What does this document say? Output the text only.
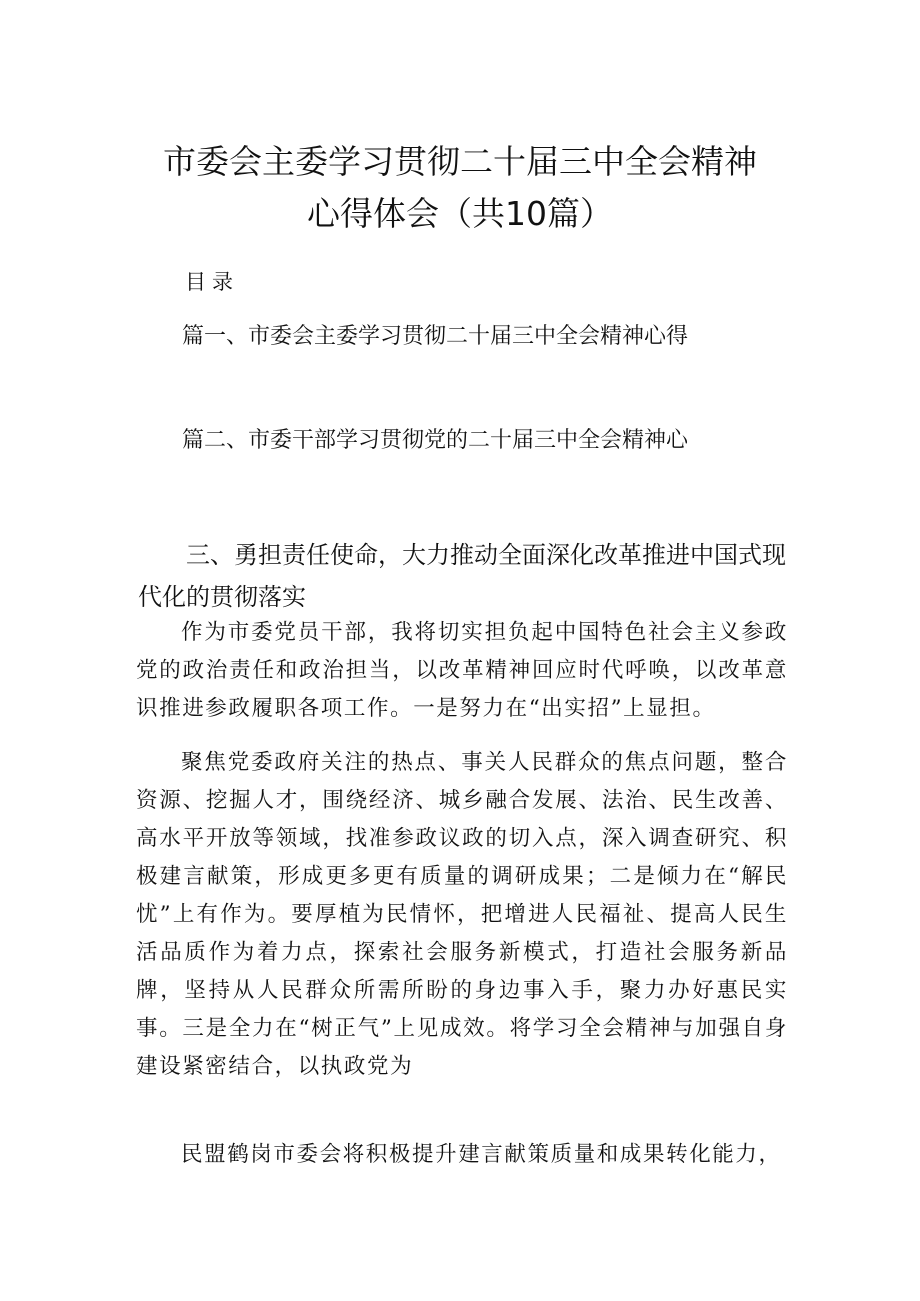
市委会主委学习贯彻二十届三中全会精神
心得体会（共10篇）
目录
篇一、市委会主委学习贯彻二十届三中全会精神心得
篇二、市委干部学习贯彻党的二十届三中全会精神心
三、勇担责任使命，大力推动全面深化改革推进中国式现代化的贯彻落实
作为市委党员干部，我将切实担负起中国特色社会主义参政党的政治责任和政治担当，以改革精神回应时代呼唤，以改革意识推进参政履职各项工作。一是努力在“出实招”上显担。
聚焦党委政府关注的热点、事关人民群众的焦点问题，整合资源、挖掘人才，围绕经济、城乡融合发展、法治、民生改善、高水平开放等领域，找准参政议政的切入点，深入调查研究、积极建言献策，形成更多更有质量的调研成果；二是倾力在“解民忧”上有作为。要厚植为民情怀，把增进人民福祉、提高人民生活品质作为着力点，探索社会服务新模式，打造社会服务新品牌，坚持从人民群众所需所盼的身边事入手，聚力办好惠民实事。三是全力在“树正气”上见成效。将学习全会精神与加强自身建设紧密结合，以执政党为
民盟鹤岗市委会将积极提升建言献策质量和成果转化能力，
